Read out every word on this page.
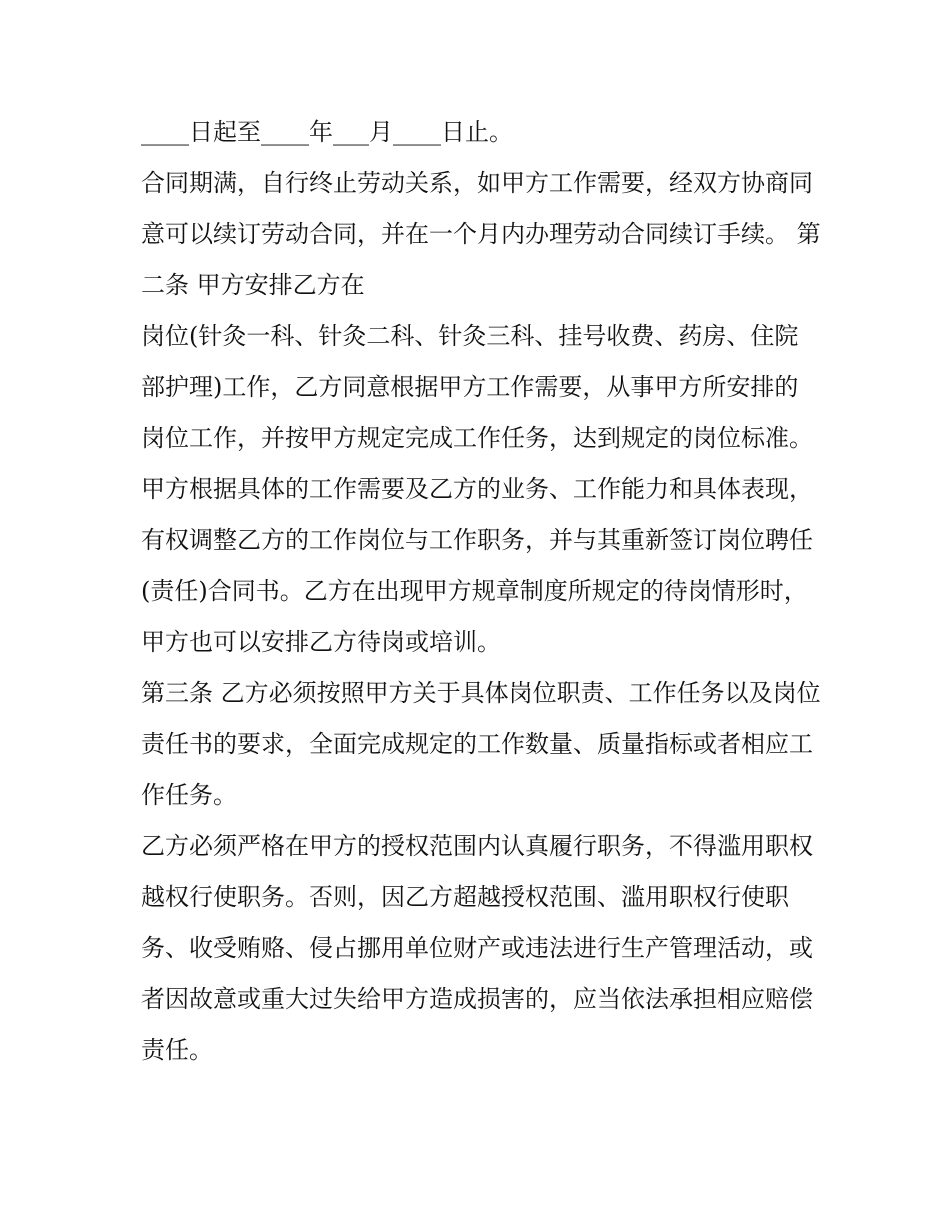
____日起至____年___月____日止。

合同期满，自行终止劳动关系，如甲方工作需要，经双方协商同意可以续订劳动合同，并在一个月内办理劳动合同续订手续。 第二条 甲方安排乙方在

岗位(针灸一科、针灸二科、针灸三科、挂号收费、药房、住院部护理)工作，乙方同意根据甲方工作需要，从事甲方所安排的岗位工作，并按甲方规定完成工作任务，达到规定的岗位标准。

甲方根据具体的工作需要及乙方的业务、工作能力和具体表现，有权调整乙方的工作岗位与工作职务，并与其重新签订岗位聘任(责任)合同书。乙方在出现甲方规章制度所规定的待岗情形时，甲方也可以安排乙方待岗或培训。

第三条 乙方必须按照甲方关于具体岗位职责、工作任务以及岗位责任书的要求，全面完成规定的工作数量、质量指标或者相应工作任务。

乙方必须严格在甲方的授权范围内认真履行职务，不得滥用职权越权行使职务。否则，因乙方超越授权范围、滥用职权行使职务、收受贿赂、侵占挪用单位财产或违法进行生产管理活动，或者因故意或重大过失给甲方造成损害的，应当依法承担相应赔偿责任。
